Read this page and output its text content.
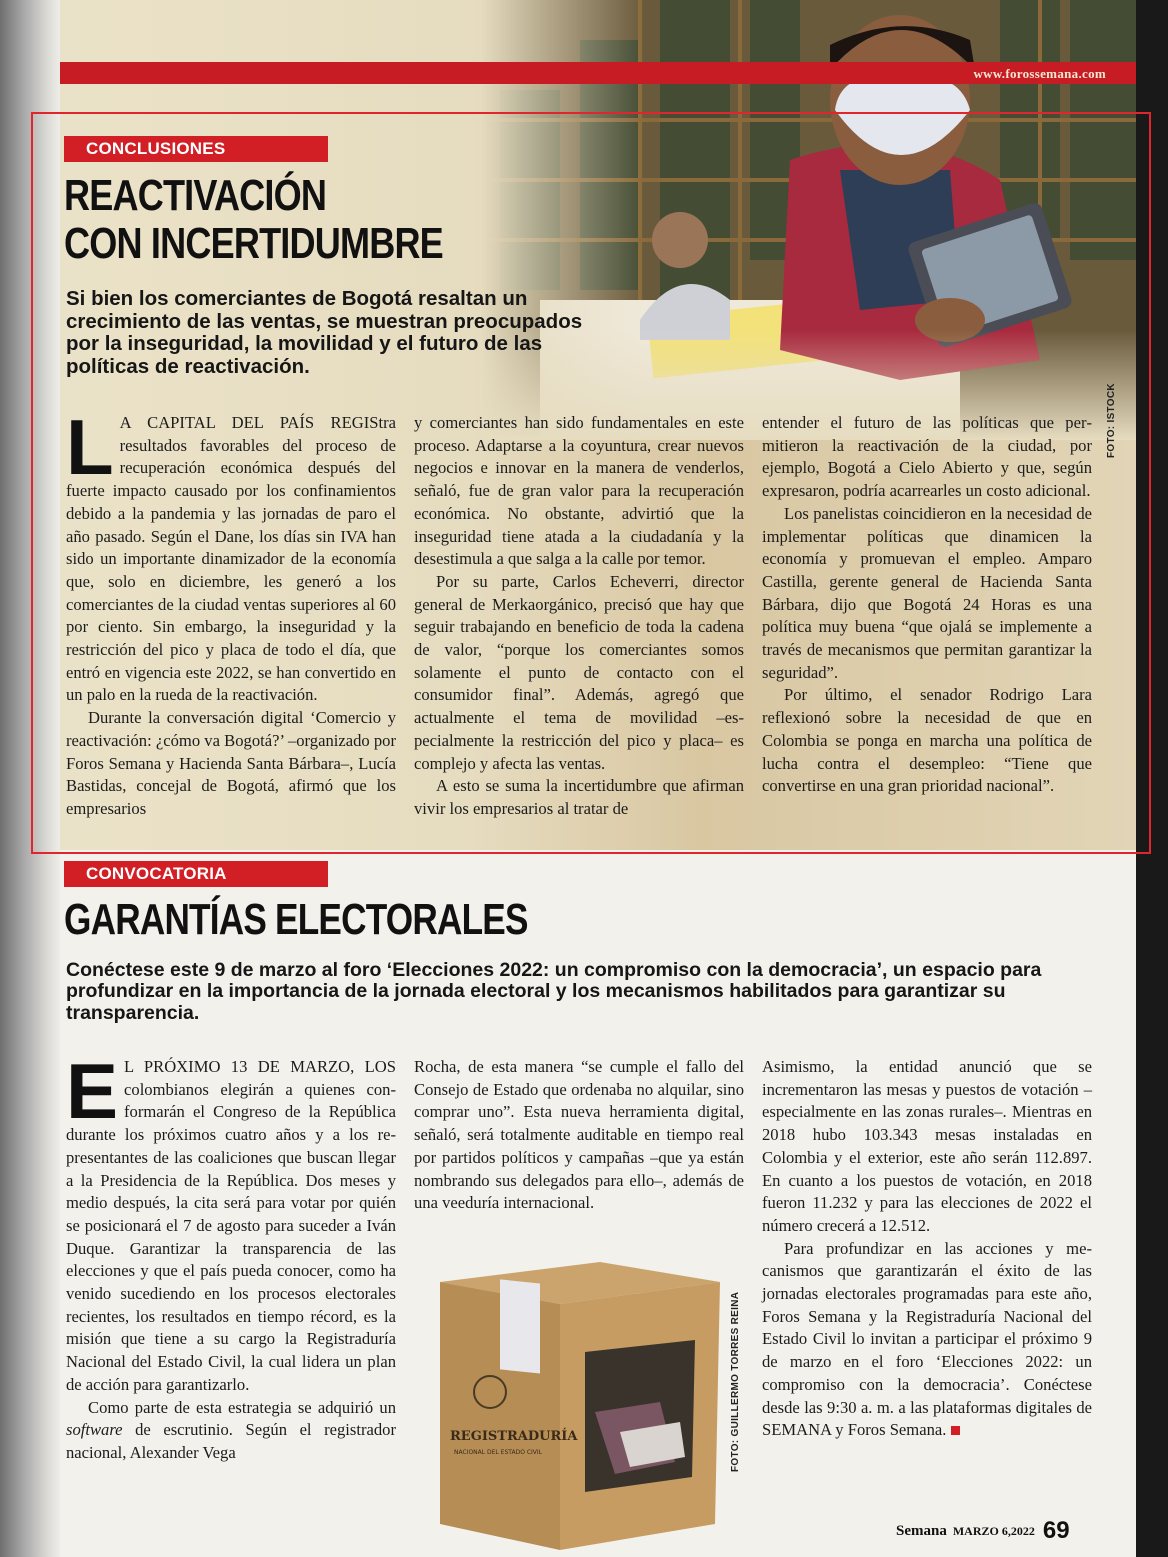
www.forossemana.com
CONCLUSIONES
REACTIVACIÓN
CON INCERTIDUMBRE
Si bien los comerciantes de Bogotá resaltan un crecimiento de las ventas, se muestran preocupados por la inseguridad, la movilidad y el futuro de las políticas de reactivación.
FOTO: ISTOCK

L A CAPITAL DEL PAÍS REGIStra resultados favorables del proceso de recuperación económica después del fuerte impacto causado por los confinamientos debido a la pandemia y las jornadas de paro el año pasado. Según el Dane, los días sin IVA han sido un importante dinamizador de la economía que, solo en diciembre, les generó a los comerciantes de la ciudad ventas superiores al 60 por ciento. Sin embargo, la inseguridad y la restricción del pico y placa de todo el día, que entró en vigencia este 2022, se han convertido en un palo en la rueda de la reactivación.

Durante la conversación digital ‘Comercio y reactivación: ¿cómo va Bogotá?’ –organizado por Foros Semana y Hacienda Santa Bárbara–, Lucía Bastidas, concejal de Bogotá, afirmó que los empresarios

y comerciantes han sido fundamentales en este proceso. Adaptarse a la coyuntura, crear nuevos negocios e innovar en la manera de venderlos, señaló, fue de gran valor para la recuperación económica. No obstante, advirtió que la inseguridad tiene atada a la ciudadanía y la desestimula a que salga a la calle por temor.

Por su parte, Carlos Echeverri, director general de Merkaorgánico, precisó que hay que seguir trabajando en beneficio de toda la cadena de valor, “porque los comerciantes somos solamente el punto de contacto con el consumidor final”. Además, agregó que actualmente el tema de movilidad –especialmente la restricción del pico y placa– es complejo y afecta las ventas.

A esto se suma la incertidumbre que afirman vivir los empresarios al tratar de

entender el futuro de las políticas que permitieron la reactivación de la ciudad, por ejemplo, Bogotá a Cielo Abierto y que, según expresaron, podría acarrearles un costo adicional.

Los panelistas coincidieron en la necesidad de implementar políticas que dinamicen la economía y promuevan el empleo. Amparo Castilla, gerente general de Hacienda Santa Bárbara, dijo que Bogotá 24 Horas es una política muy buena “que ojalá se implemente a través de mecanismos que permitan garantizar la seguridad”.

Por último, el senador Rodrigo Lara reflexionó sobre la necesidad de que en Colombia se ponga en marcha una política de lucha contra el desempleo: “Tiene que convertirse en una gran prioridad nacional”.

CONVOCATORIA
GARANTÍAS ELECTORALES
Conéctese este 9 de marzo al foro ‘Elecciones 2022: un compromiso con la democracia’, un espacio para profundizar en la importancia de la jornada electoral y los mecanismos habilitados para garantizar su transparencia.

E L PRÓXIMO 13 DE MARZO, LOS colombianos elegirán a quienes conformarán el Congreso de la República durante los próximos cuatro años y a los representantes de las coaliciones que buscan llegar a la Presidencia de la República. Dos meses y medio después, la cita será para votar por quién se posicionará el 7 de agosto para suceder a Iván Duque. Garantizar la transparencia de las elecciones y que el país pueda conocer, como ha venido sucediendo en los procesos electorales recientes, los resultados en tiempo récord, es la misión que tiene a su cargo la Registraduría Nacional del Estado Civil, la cual lidera un plan de acción para garantizarlo.

Como parte de esta estrategia se adquirió un software de escrutinio. Según el registrador nacional, Alexander Vega

Rocha, de esta manera “se cumple el fallo del Consejo de Estado que ordenaba no alquilar, sino comprar uno”. Esta nueva herramienta digital, señaló, será totalmente auditable en tiempo real por partidos políticos y campañas –que ya están nombrando sus delegados para ello–, además de una veeduría internacional.

Asimismo, la entidad anunció que se incrementaron las mesas y puestos de votación –especialmente en las zonas rurales–. Mientras en 2018 hubo 103.343 mesas instaladas en Colombia y el exterior, este año serán 112.897. En cuanto a los puestos de votación, en 2018 fueron 11.232 y para las elecciones de 2022 el número crecerá a 12.512.

Para profundizar en las acciones y mecanismos que garantizarán el éxito de las jornadas electorales programadas para este año, Foros Semana y la Registraduría Nacional del Estado Civil lo invitan a participar el próximo 9 de marzo en el foro ‘Elecciones 2022: un compromiso con la democracia’. Conéctese desde las 9:30 a. m. a las plataformas digitales de SEMANA y Foros Semana.

REGISTRADURÍA
NACIONAL DEL ESTADO CIVIL	FOTO: GUILLERMO TORRES REINA
Semana MARZO 6,2022 69
